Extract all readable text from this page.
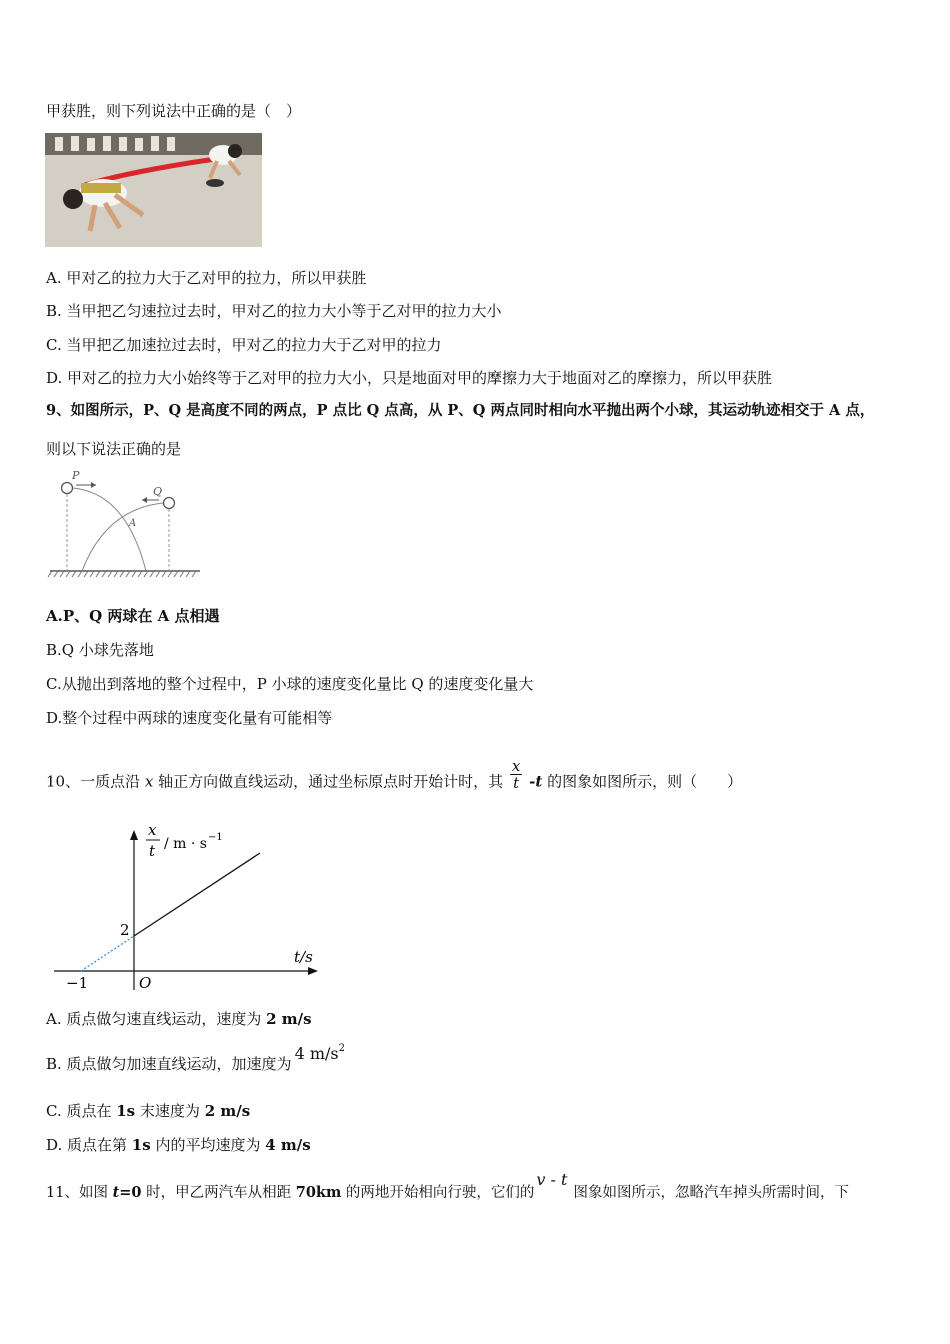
甲获胜，则下列说法中正确的是（　）
A. 甲对乙的拉力大于乙对甲的拉力，所以甲获胜
B. 当甲把乙匀速拉过去时，甲对乙的拉力大小等于乙对甲的拉力大小
C. 当甲把乙加速拉过去时，甲对乙的拉力大于乙对甲的拉力
D. 甲对乙的拉力大小始终等于乙对甲的拉力大小，只是地面对甲的摩擦力大于地面对乙的摩擦力，所以甲获胜
9、如图所示，P、Q 是高度不同的两点，P 点比 Q 点高，从 P、Q 两点同时相向水平抛出两个小球，其运动轨迹相交于 A 点，
则以下说法正确的是
P
Q
A
A.P、Q 两球在 A 点相遇
B.Q 小球先落地
C.从抛出到落地的整个过程中，P 小球的速度变化量比 Q 的速度变化量大
D.整个过程中两球的速度变化量有可能相等
10、一质点沿 x 轴正方向做直线运动，通过坐标原点时开始计时，其 $\frac{x}{t} -t$ 的图象如图所示，则（　　）
x
t / m · s −1
t/s
O
2
−1
A. 质点做匀速直线运动，速度为 2 m/s
B. 质点做匀加速直线运动，加速度为4 $m/s^2$
C. 质点在 1s 末速度为 2 m/s
D. 质点在第 1s 内的平均速度为 4 m/s
11、如图 t=0 时，甲乙两汽车从相距 70km 的两地开始相向行驶，它们的v - t图象如图所示，忽略汽车掉头所需时间，下
